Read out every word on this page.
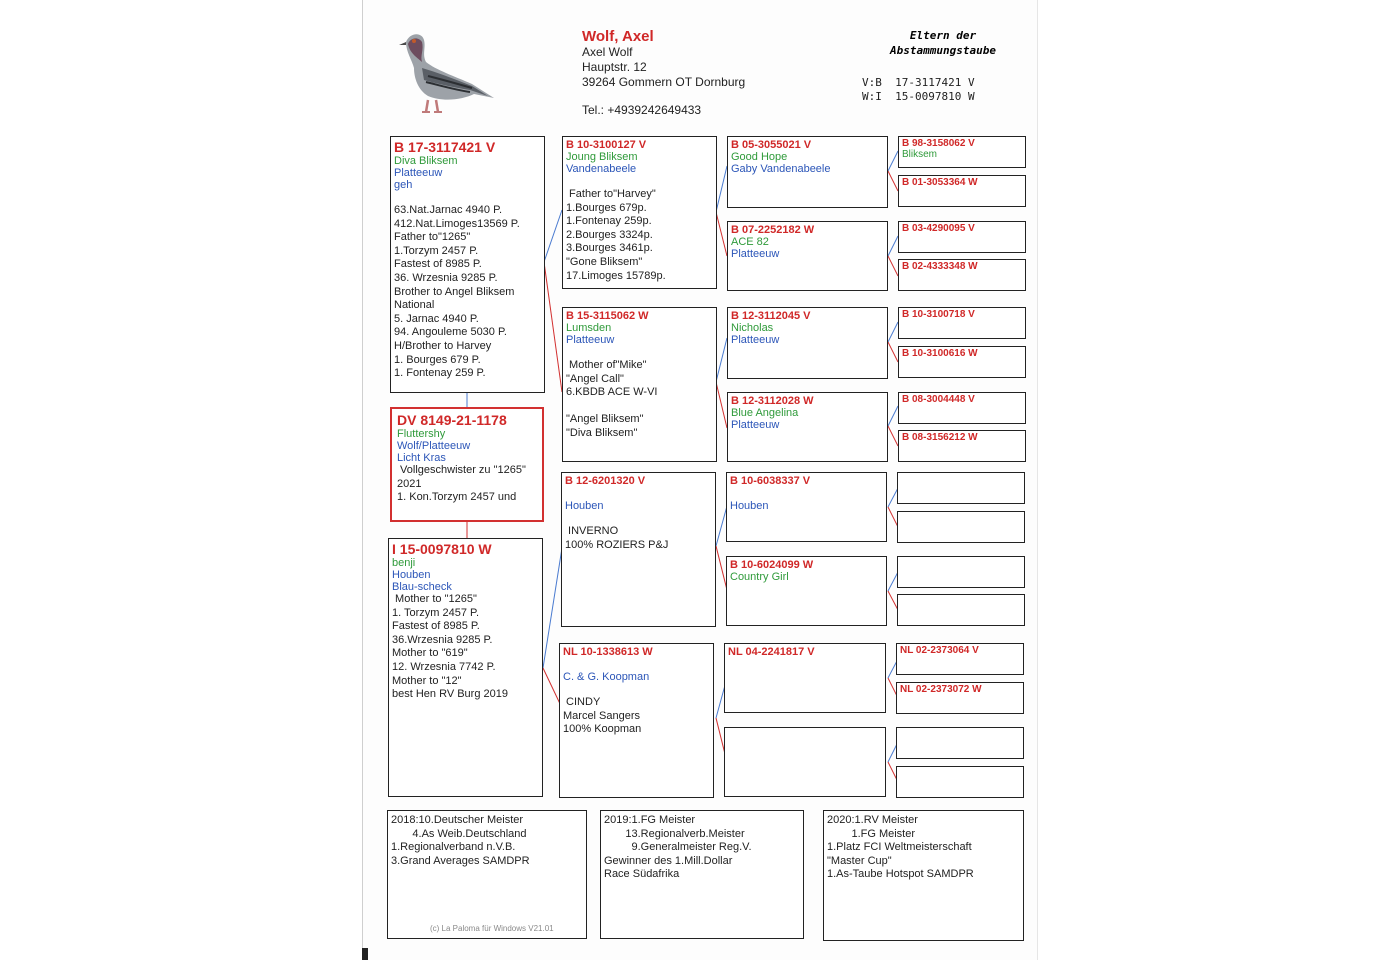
Wolf, Axel
Axel Wolf
Hauptstr. 12
39264 Gommern OT Dornburg
Tel.: +4939242649433
Eltern der
Abstammungstaube
V:B  17-3117421 V
W:I  15-0097810 W
B 17-3117421 V
Diva Bliksem
Platteeuw
geh
63.Nat.Jarnac 4940 P.
412.Nat.Limoges13569 P.
Father to"1265"
1.Torzym 2457 P.
Fastest of 8985 P.
36. Wrzesnia 9285 P.
Brother to Angel Bliksem
National
5. Jarnac 4940 P.
94. Angouleme 5030 P.
H/Brother to Harvey
1. Bourges 679 P.
1. Fontenay 259 P.
DV 8149-21-1178
Fluttershy
Wolf/Platteeuw
Licht Kras
Vollgeschwister zu "1265"
2021
1. Kon.Torzym 2457 und
I 15-0097810 W
benji
Houben
Blau-scheck
Mother to "1265"
1. Torzym 2457 P.
Fastest of 8985 P.
36.Wrzesnia 9285 P.
Mother to "619"
12. Wrzesnia 7742 P.
Mother to "12"
best Hen RV Burg 2019
B 10-3100127 V
Joung Bliksem
Vandenabeele
Father to"Harvey"
1.Bourges 679p.
1.Fontenay 259p.
2.Bourges 3324p.
3.Bourges 3461p.
"Gone Bliksem"
17.Limoges 15789p.
B 15-3115062 W
Lumsden
Platteeuw
Mother of"Mike"
"Angel Call"
6.KBDB ACE W-VI

"Angel Bliksem"
"Diva Bliksem"
B 12-6201320 V
Houben
INVERNO
100% ROZIERS P&J
NL 10-1338613 W
C. & G. Koopman
CINDY
Marcel Sangers
100% Koopman
B 05-3055021 V
Good Hope
Gaby Vandenabeele
B 07-2252182 W
ACE 82
Platteeuw
B 12-3112045 V
Nicholas
Platteeuw
B 12-3112028 W
Blue Angelina
Platteeuw
B 10-6038337 V
Houben
B 10-6024099 W
Country Girl
NL 04-2241817 V
B 98-3158062 V
Bliksem
B 01-3053364 W
B 03-4290095 V
B 02-4333348 W
B 10-3100718 V
B 10-3100616 W
B 08-3004448 V
B 08-3156212 W
NL 02-2373064 V
NL 02-2373072 W
2018:10.Deutscher Meister
4.As Weib.Deutschland
1.Regionalverband n.V.B.
3.Grand Averages SAMDPR
(c) La Paloma für Windows V21.01
2019:1.FG Meister
13.Regionalverb.Meister
9.Generalmeister Reg.V.
Gewinner des 1.Mill.Dollar
Race Südafrika
2020:1.RV Meister
1.FG Meister
1.Platz FCI Weltmeisterschaft
"Master Cup"
1.As-Taube Hotspot SAMDPR
